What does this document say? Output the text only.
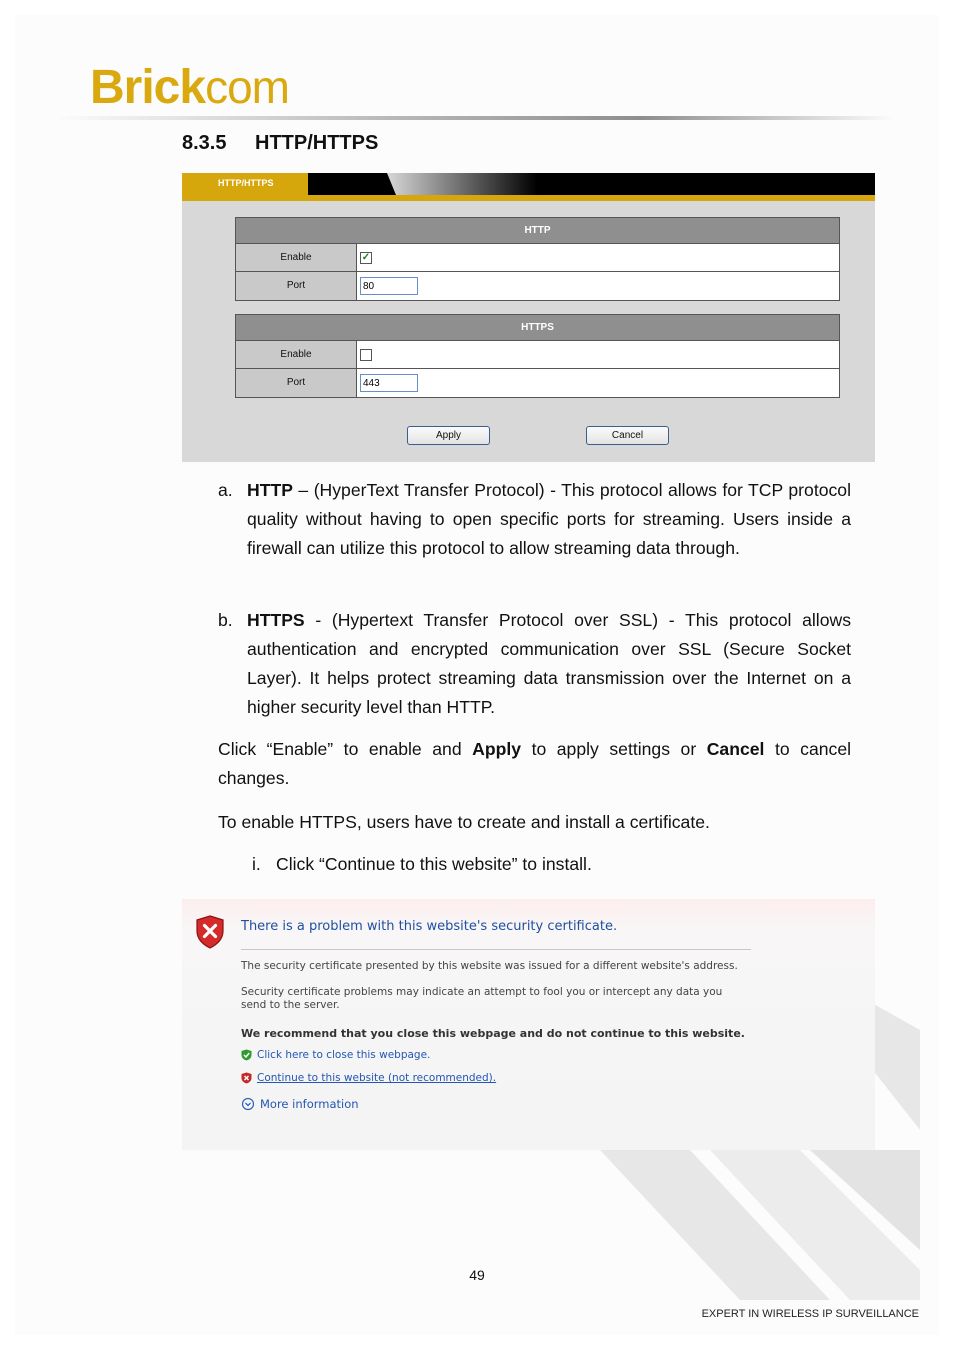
Brick com
8.3.5 HTTP/HTTPS
HTTP/HTTPS
HTTP
Enable	✓
Port
80
HTTPS
Enable
Port
443
Apply	Cancel
a. HTTP – (HyperText Transfer Protocol) - This protocol allows for TCP protocol quality without having to open specific ports for streaming. Users inside a firewall can utilize this protocol to allow streaming data through.
b. HTTPS - (Hypertext Transfer Protocol over SSL) - This protocol allows authentication and encrypted communication over SSL (Secure Socket Layer). It helps protect streaming data transmission over the Internet on a higher security level than HTTP.
Click “Enable” to enable and Apply to apply settings or Cancel to cancel changes.
To enable HTTPS, users have to create and install a certificate.
i. Click “Continue to this website” to install.
There is a problem with this website's security certificate.
The security certificate presented by this website was issued for a different website's address.
Security certificate problems may indicate an attempt to fool you or intercept any data you send to the server.
We recommend that you close this webpage and do not continue to this website.
Click here to close this webpage.
Continue to this website (not recommended).
More information
49
EXPERT IN WIRELESS IP SURVEILLANCE
